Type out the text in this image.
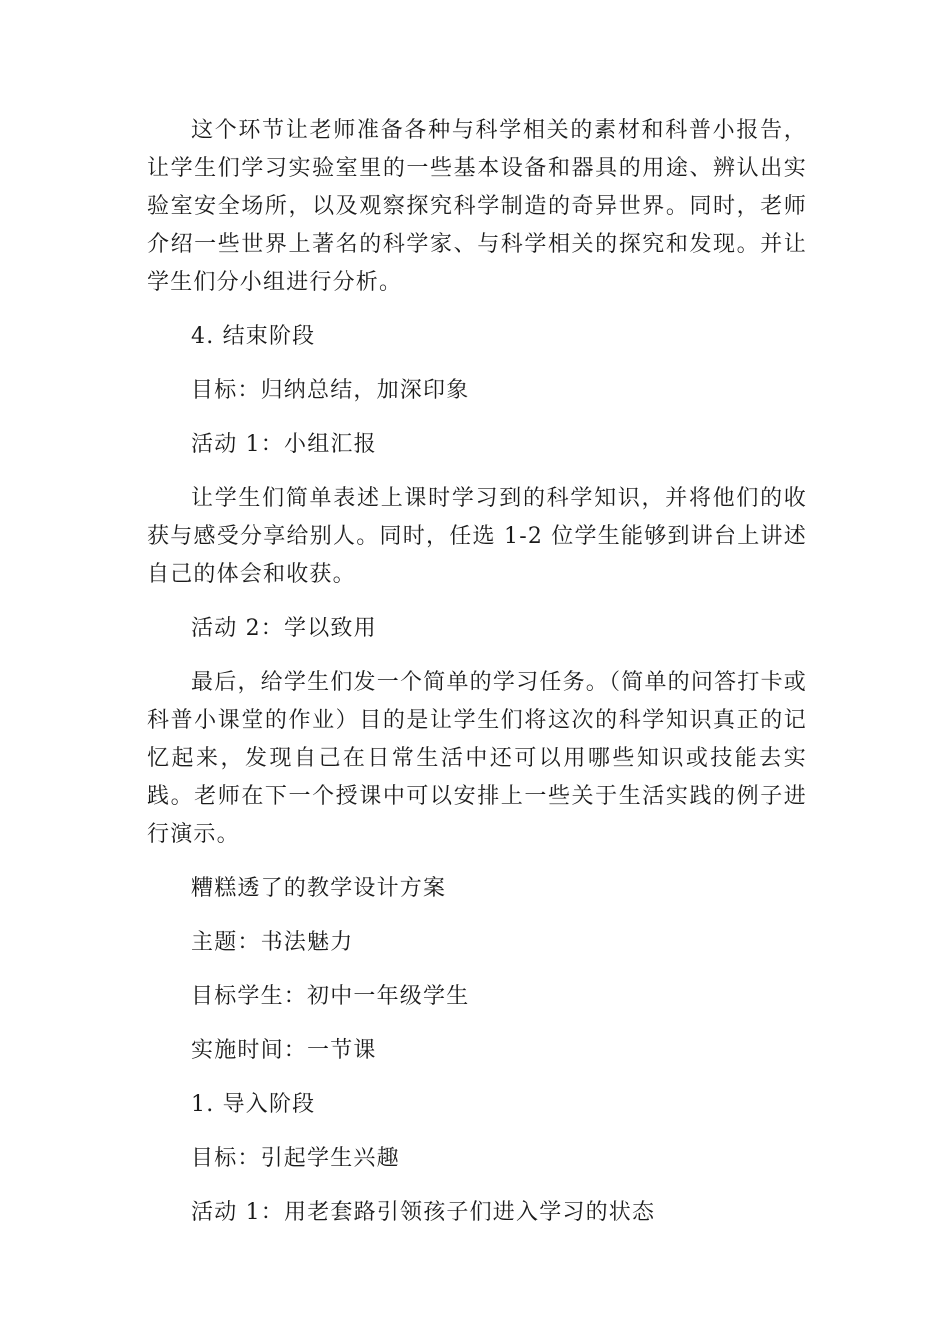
这个环节让老师准备各种与科学相关的素材和科普小报告，让学生们学习实验室里的一些基本设备和器具的用途、辨认出实验室安全场所，以及观察探究科学制造的奇异世界。同时，老师介绍一些世界上著名的科学家、与科学相关的探究和发现。并让学生们分小组进行分析。

4. 结束阶段

目标：归纳总结，加深印象

活动 1：小组汇报

让学生们简单表述上课时学习到的科学知识，并将他们的收获与感受分享给别人。同时，任选 1-2 位学生能够到讲台上讲述自己的体会和收获。

活动 2：学以致用

最后，给学生们发一个简单的学习任务。（简单的问答打卡或科普小课堂的作业）目的是让学生们将这次的科学知识真正的记忆起来，发现自己在日常生活中还可以用哪些知识或技能去实践。老师在下一个授课中可以安排上一些关于生活实践的例子进行演示。

糟糕透了的教学设计方案

主题：书法魅力

目标学生：初中一年级学生

实施时间：一节课

1. 导入阶段

目标：引起学生兴趣

活动 1：用老套路引领孩子们进入学习的状态
